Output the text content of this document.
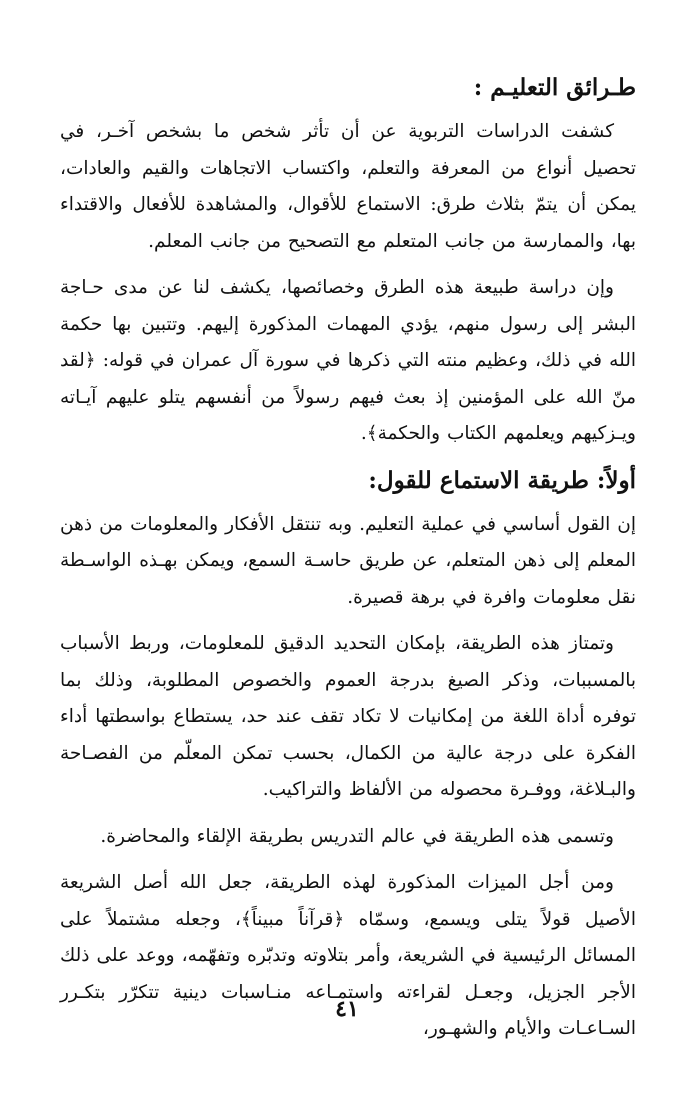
طـرائق التعليـم :

كشفت الدراسات التربوية عن أن تأثر شخص ما بشخص آخـر، في تحصيل أنواع من المعرفة والتعلم، واكتساب الاتجاهات والقيم والعادات، يمكن أن يتمّ بثلاث طرق: الاستماع للأقوال، والمشاهدة للأفعال والاقتداء بها، والممارسة من جانب المتعلم مع التصحيح من جانب المعلم.

وإن دراسة طبيعة هذه الطرق وخصائصها، يكشف لنا عن مدى حـاجة البشر إلى رسول منهم، يؤدي المهمات المذكورة إليهم. وتتبين بها حكمة الله في ذلك، وعظيم منته التي ذكرها في سورة آل عمران في قوله: ﴿لقد منّ الله على المؤمنين إذ بعث فيهم رسولاً من أنفسهم يتلو عليهم آيـاته ويـزكيهم ويعلمهم الكتاب والحكمة﴾.

أولاً: طريقة الاستماع للقول:

إن القول أساسي في عملية التعليم. وبه تنتقل الأفكار والمعلومات من ذهن المعلم إلى ذهن المتعلم، عن طريق حاسـة السمع، ويمكن بهـذه الواسـطة نقل معلومات وافرة في برهة قصيرة.

وتمتاز هذه الطريقة، بإمكان التحديد الدقيق للمعلومات، وربط الأسباب بالمسببات، وذكر الصيغ بدرجة العموم والخصوص المطلوبة، وذلك بما توفره أداة اللغة من إمكانيات لا تكاد تقف عند حد، يستطاع بواسطتها أداء الفكرة على درجة عالية من الكمال، بحسب تمكن المعلّم من الفصـاحة والبـلاغة، ووفـرة محصوله من الألفاظ والتراكيب.

وتسمى هذه الطريقة في عالم التدريس بطريقة الإلقاء والمحاضرة.

ومن أجل الميزات المذكورة لهذه الطريقة، جعل الله أصل الشريعة الأصيل قولاً يتلى ويسمع، وسمّاه ﴿قرآناً مبيناً﴾، وجعله مشتملاً على المسائل الرئيسية في الشريعة، وأمر بتلاوته وتدبّره وتفهّمه، ووعد على ذلك الأجر الجزيل، وجعـل لقراءته واستمـاعه منـاسبات دينية تتكرّر بتكـرر السـاعـات والأيام والشهـور،

٤١
